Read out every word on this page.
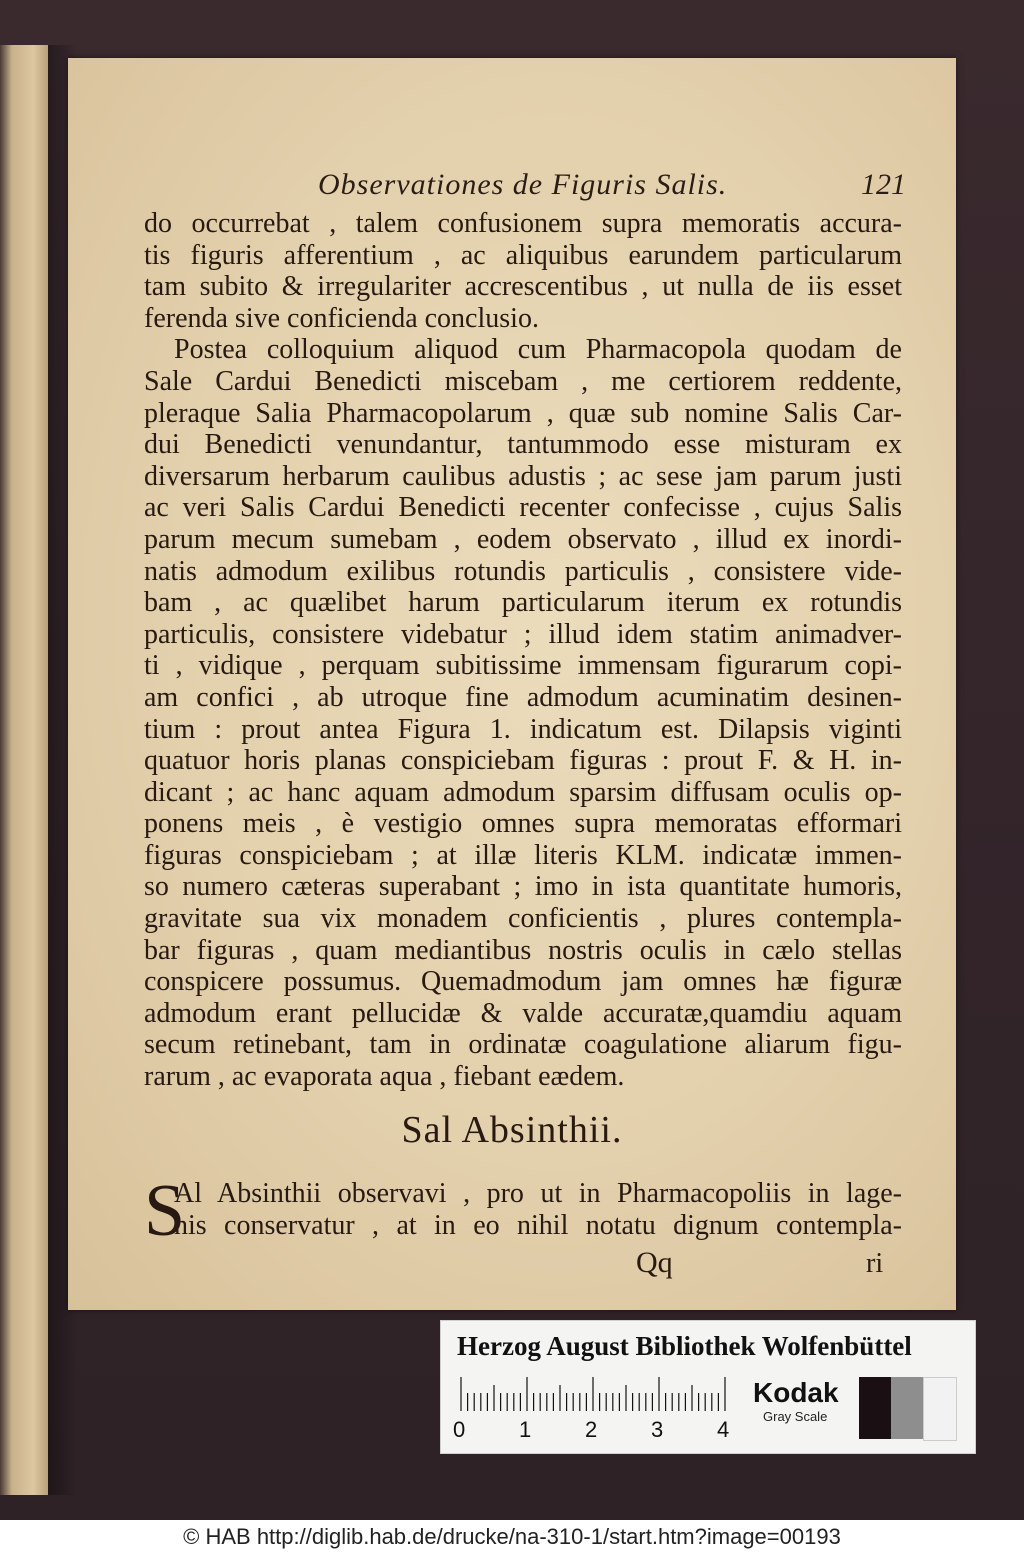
Observationes de Figuris Salis.	121
do occurrebat , talem confusionem supra memoratis accura-
tis figuris afferentium , ac aliquibus earundem particularum
tam subito & irregulariter accrescentibus , ut nulla de iis esset
ferenda sive conficienda conclusio.
Postea colloquium aliquod cum Pharmacopola quodam de
Sale Cardui Benedicti miscebam , me certiorem reddente,
pleraque Salia Pharmacopolarum , quæ sub nomine Salis Car-
dui Benedicti venundantur, tantummodo esse misturam ex
diversarum herbarum caulibus adustis ; ac sese jam parum justi
ac veri Salis Cardui Benedicti recenter confecisse , cujus Salis
parum mecum sumebam , eodem observato , illud ex inordi-
natis admodum exilibus rotundis particulis , consistere vide-
bam , ac quælibet harum particularum iterum ex rotundis
particulis, consistere videbatur ; illud idem statim animadver-
ti , vidique , perquam subitissime immensam figurarum copi-
am confici , ab utroque fine admodum acuminatim desinen-
tium : prout antea Figura 1. indicatum est. Dilapsis viginti
quatuor horis planas conspiciebam figuras : prout F. & H. in-
dicant ; ac hanc aquam admodum sparsim diffusam oculis op-
ponens meis , è vestigio omnes supra memoratas efformari
figuras conspiciebam ; at illæ literis KLM. indicatæ immen-
so numero cæteras superabant ; imo in ista quantitate humoris,
gravitate sua vix monadem conficientis , plures contempla-
bar figuras , quam mediantibus nostris oculis in cælo stellas
conspicere possumus. Quemadmodum jam omnes hæ figuræ
admodum erant pellucidæ & valde accuratæ,quamdiu aquam
secum retinebant, tam in ordinatæ coagulatione aliarum figu-
rarum , ac evaporata aqua , fiebant eædem.
Sal Absinthii.
S
Al Absinthii observavi , pro ut in Pharmacopoliis in lage-
nis conservatur , at in eo nihil notatu dignum contempla-
Qq	ri
Herzog August Bibliothek Wolfenbüttel
0 1 2 3 4
Kodak
Gray Scale
© HAB http://diglib.hab.de/drucke/na-310-1/start.htm?image=00193
